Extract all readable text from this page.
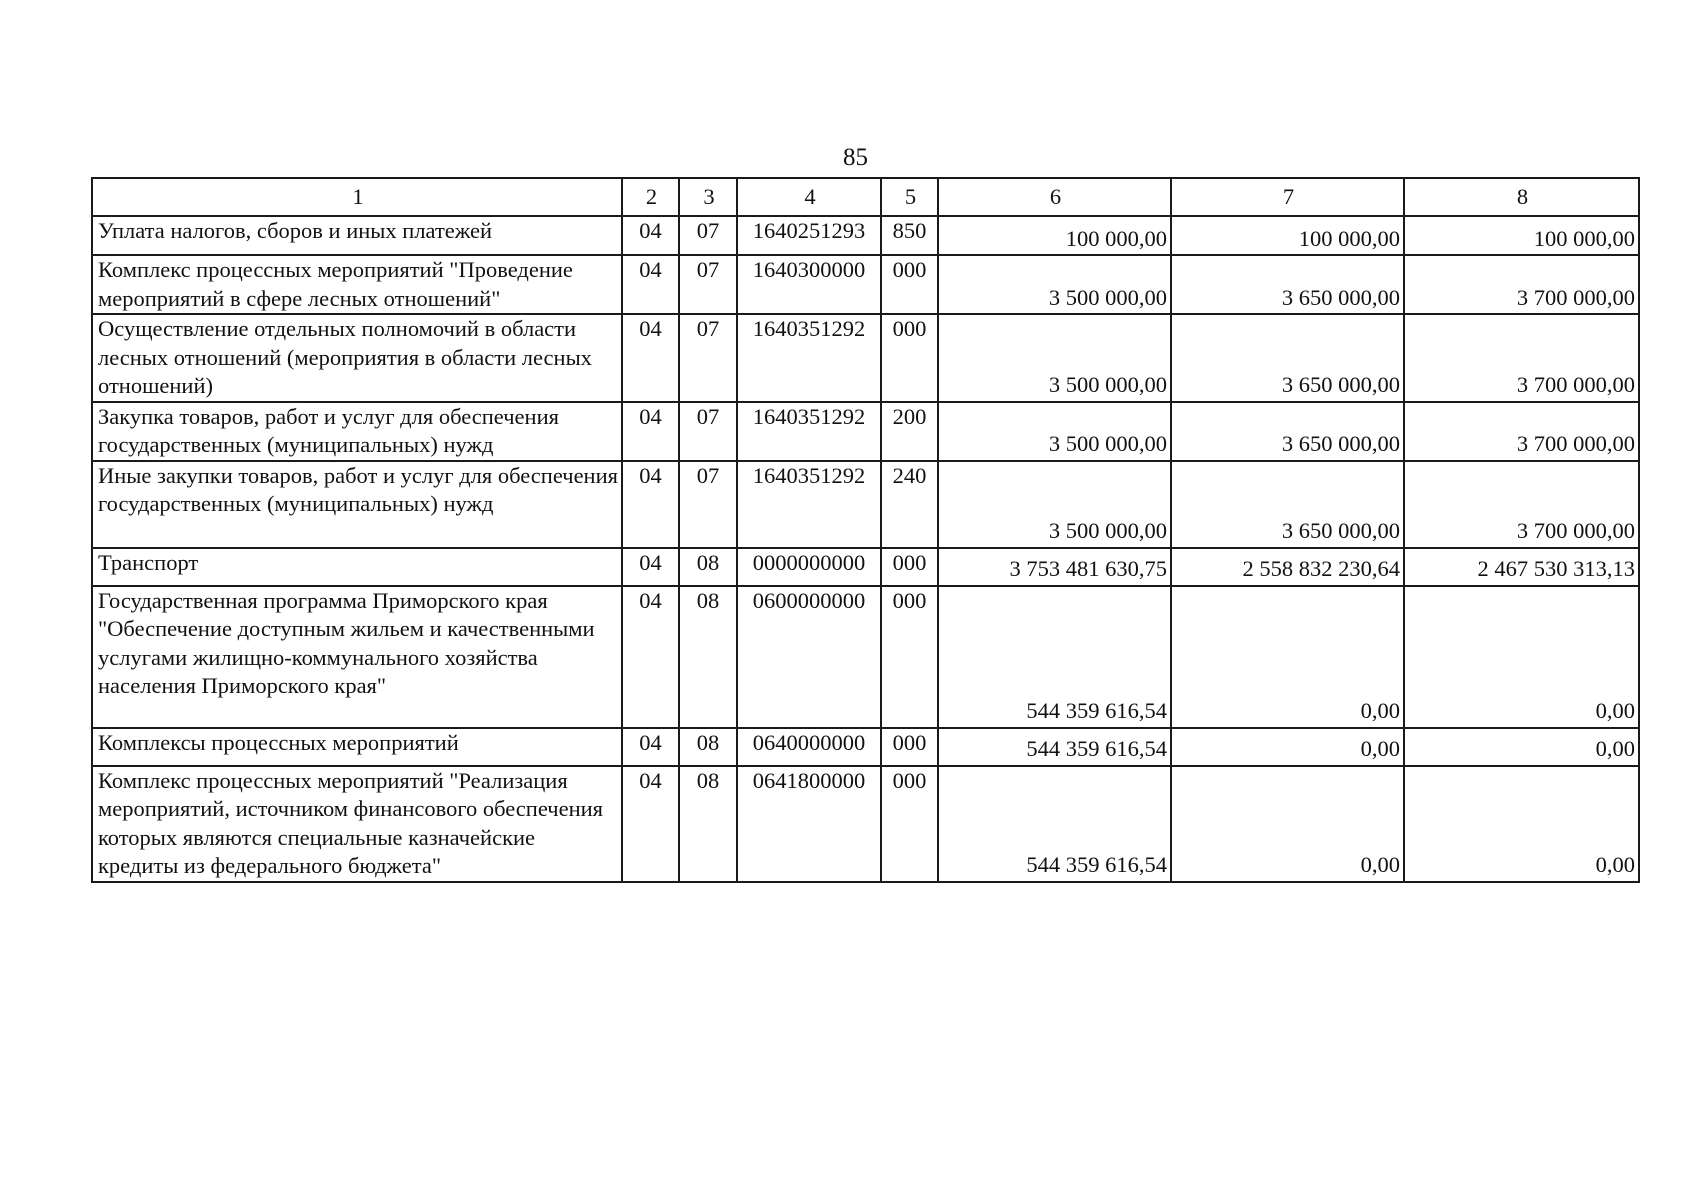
85
1	2	3	4	5	6	7	8
Уплата налогов, сборов и иных платежей	04	07	1640251293	850	100 000,00	100 000,00	100 000,00
Комплекс процессных мероприятий "Проведение мероприятий в сфере лесных отношений"	04	07	1640300000	000	3 500 000,00	3 650 000,00	3 700 000,00
Осуществление отдельных полномочий в области лесных отношений (мероприятия в области лесных отношений)	04	07	1640351292	000	3 500 000,00	3 650 000,00	3 700 000,00
Закупка товаров, работ и услуг для обеспечения государственных (муниципальных) нужд	04	07	1640351292	200	3 500 000,00	3 650 000,00	3 700 000,00
Иные закупки товаров, работ и услуг для обеспечения государственных (муниципальных) нужд	04	07	1640351292	240	3 500 000,00	3 650 000,00	3 700 000,00
Транспорт	04	08	0000000000	000	3 753 481 630,75	2 558 832 230,64	2 467 530 313,13
Государственная программа Приморского края "Обеспечение доступным жильем и качественными услугами жилищно-коммунального хозяйства населения Приморского края"	04	08	0600000000	000	544 359 616,54	0,00	0,00
Комплексы процессных мероприятий	04	08	0640000000	000	544 359 616,54	0,00	0,00
Комплекс процессных мероприятий "Реализация мероприятий, источником финансового обеспечения которых являются специальные казначейские кредиты из федерального бюджета"	04	08	0641800000	000	544 359 616,54	0,00	0,00
